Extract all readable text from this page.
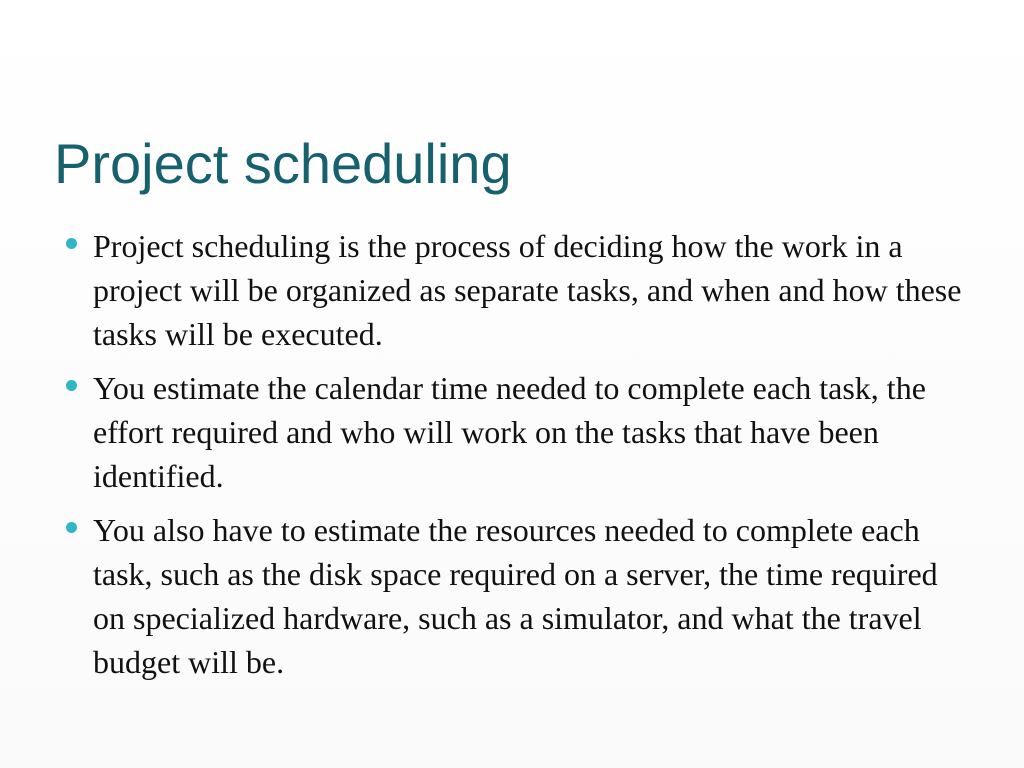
Project scheduling
Project scheduling is the process of deciding how the work in a project will be organized as separate tasks, and when and how these tasks will be executed.
You estimate the calendar time needed to complete each task, the effort required and who will work on the tasks that have been identified.
You also have to estimate the resources needed to complete each task, such as the disk space required on a server, the time required on specialized hardware, such as a simulator, and what the travel budget will be.
